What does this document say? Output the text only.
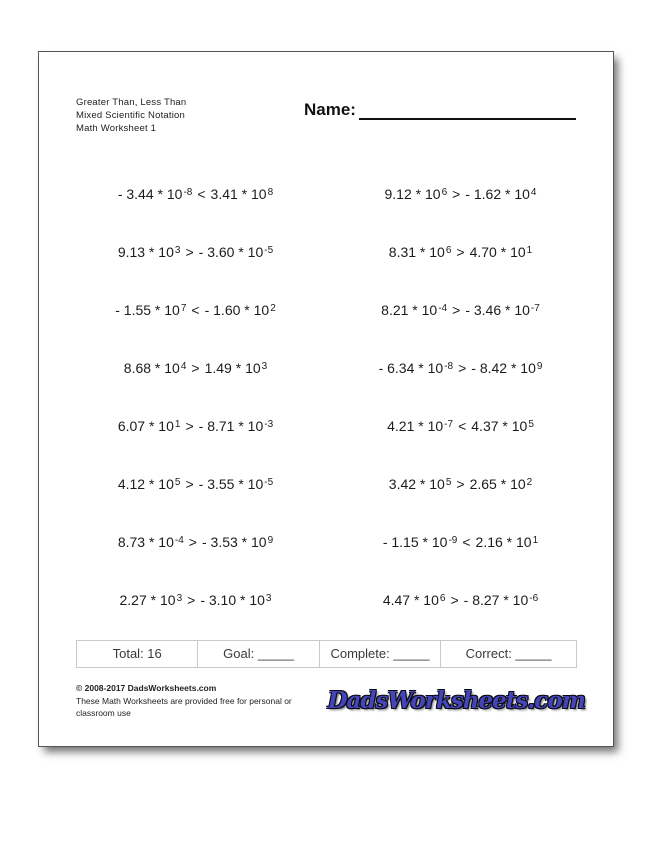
Greater Than, Less Than
Mixed Scientific Notation
Math Worksheet 1
Name:
- $3.44 * 10^{-8} < 3.41 * 10^8$	$9.12 * 10^6$ > - $1.62 * 10^4$
$9.13 * 10^3$ > - $3.60 * 10^{-5}$	$8.31 * 10^6 > 4.70 * 10^1$
- $1.55 * 10^7$ < - $1.60 * 10^2$	$8.21 * 10^{-4}$ > - $3.46 * 10^{-7}$
$8.68 * 10^4 > 1.49 * 10^3$	- $6.34 * 10^{-8}$ > - $8.42 * 10^9$
$6.07 * 10^1$ > - $8.71 * 10^{-3}$	$4.21 * 10^{-7} < 4.37 * 10^5$
$4.12 * 10^5$ > - $3.55 * 10^{-5}$	$3.42 * 10^5 > 2.65 * 10^2$
$8.73 * 10^{-4}$ > - $3.53 * 10^9$	- $1.15 * 10^{-9} < 2.16 * 10^1$
$2.27 * 10^3$ > - $3.10 * 10^3$	$4.47 * 10^6$ > - $8.27 * 10^{-6}$
Total: 16	Goal: _____	Complete: _____	Correct: _____
© 2008-2017 DadsWorksheets.com
These Math Worksheets are provided free for personal or classroom use	DadsWorksheets.com
